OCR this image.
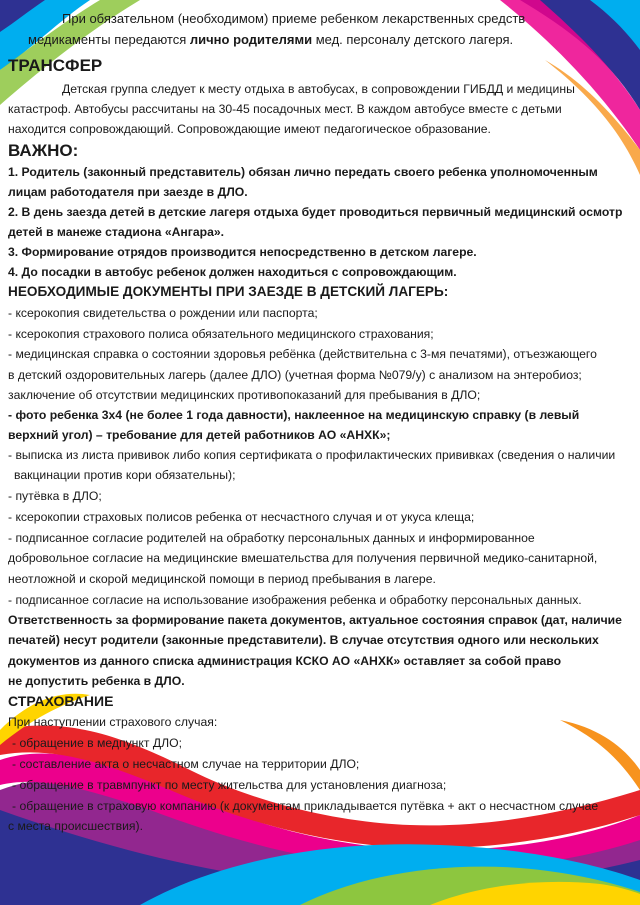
При обязательном (необходимом) приеме ребенком лекарственных средств
медикаменты передаются лично родителями мед. персоналу детского лагеря.
ТРАНСФЕР
Детская группа следует к месту отдыха в автобусах, в сопровождении ГИБДД и медицины
катастроф. Автобусы рассчитаны на 30-45 посадочных мест. В каждом автобусе вместе с детьми
находится сопровождающий. Сопровождающие имеют педагогическое образование.
ВАЖНО:
1. Родитель (законный представитель) обязан лично передать своего ребенка уполномоченным
лицам работодателя при заезде в ДЛО.
2. В день заезда детей в детские лагеря отдыха будет проводиться первичный медицинский осмотр
детей в манеже стадиона «Ангара».
3. Формирование отрядов производится непосредственно в детском лагере.
4. До посадки в автобус ребенок должен находиться с сопровождающим.
НЕОБХОДИМЫЕ ДОКУМЕНТЫ ПРИ ЗАЕЗДЕ В ДЕТСКИЙ ЛАГЕРЬ:
- ксерокопия свидетельства о рождении или паспорта;
- ксерокопия страхового полиса обязательного медицинского страхования;
- медицинская справка о состоянии здоровья ребёнка (действительна с 3-мя печатями), отъезжающего
в детский оздоровительных лагерь (далее ДЛО) (учетная форма №079/у) с анализом на энтеробиоз;
заключение об отсутствии медицинских противопоказаний для пребывания в ДЛО;
- фото ребенка 3х4 (не более 1 года давности), наклеенное на медицинскую справку (в левый
верхний угол) – требование для детей работников АО «АНХК»;
- выписка из листа прививок либо копия сертификата о профилактических прививках (сведения о наличии
вакцинации против кори обязательны);
- путёвка в ДЛО;
- ксерокопии страховых полисов ребенка от несчастного случая и от укуса клеща;
- подписанное согласие родителей на обработку персональных данных и информированное
добровольное согласие на медицинские вмешательства для получения первичной медико-санитарной,
неотложной и скорой медицинской помощи в период пребывания в лагере.
- подписанное согласие на использование изображения ребенка и обработку персональных данных.
Ответственность за формирование пакета документов, актуальное состояния справок (дат, наличие
печатей) несут родители (законные представители). В случае отсутствия одного или нескольких
документов из данного списка администрация КСКО АО «АНХК» оставляет за собой право
не допустить ребенка в ДЛО.
СТРАХОВАНИЕ
При наступлении страхового случая:
- обращение в медпункт ДЛО;
- составление акта о несчастном случае на территории ДЛО;
- обращение в травмпункт по месту жительства для установления диагноза;
- обращение в страховую компанию (к документам прикладывается путёвка + акт о несчастном случае
с места происшествия).
